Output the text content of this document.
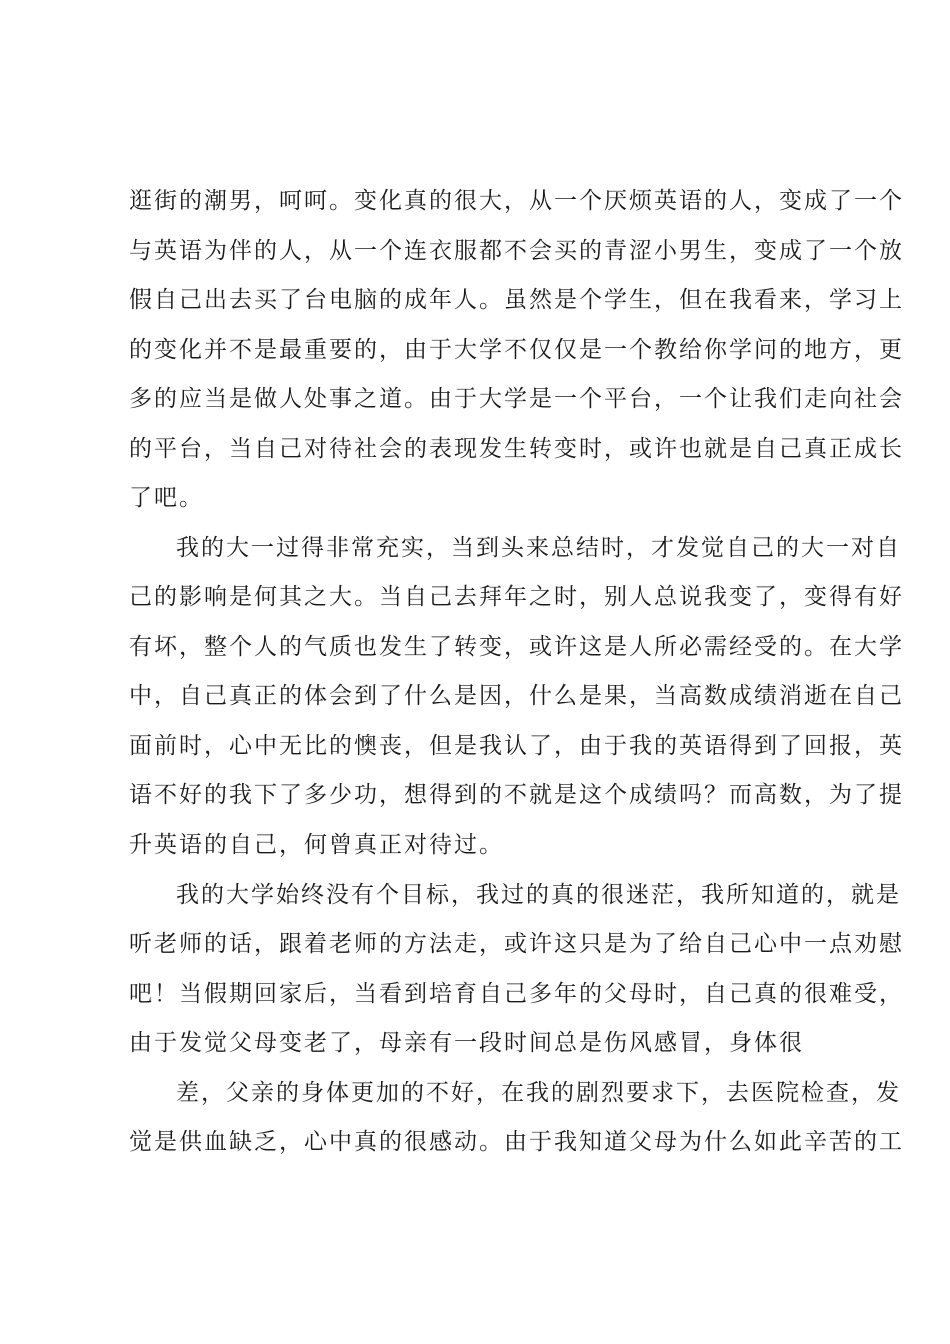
逛街的潮男，呵呵。变化真的很大，从一个厌烦英语的人，变成了一个
与英语为伴的人，从一个连衣服都不会买的青涩小男生，变成了一个放
假自己出去买了台电脑的成年人。虽然是个学生，但在我看来，学习上
的变化并不是最重要的，由于大学不仅仅是一个教给你学问的地方，更
多的应当是做人处事之道。由于大学是一个平台，一个让我们走向社会
的平台，当自己对待社会的表现发生转变时，或许也就是自己真正成长
了吧。
我的大一过得非常充实，当到头来总结时，才发觉自己的大一对自
己的影响是何其之大。当自己去拜年之时，别人总说我变了，变得有好
有坏，整个人的气质也发生了转变，或许这是人所必需经受的。在大学
中，自己真正的体会到了什么是因，什么是果，当高数成绩消逝在自己
面前时，心中无比的懊丧，但是我认了，由于我的英语得到了回报，英
语不好的我下了多少功，想得到的不就是这个成绩吗？而高数，为了提
升英语的自己，何曾真正对待过。
我的大学始终没有个目标，我过的真的很迷茫，我所知道的，就是
听老师的话，跟着老师的方法走，或许这只是为了给自己心中一点劝慰
吧！当假期回家后，当看到培育自己多年的父母时，自己真的很难受，
由于发觉父母变老了，母亲有一段时间总是伤风感冒，身体很
差，父亲的身体更加的不好，在我的剧烈要求下，去医院检查，发
觉是供血缺乏，心中真的很感动。由于我知道父母为什么如此辛苦的工
